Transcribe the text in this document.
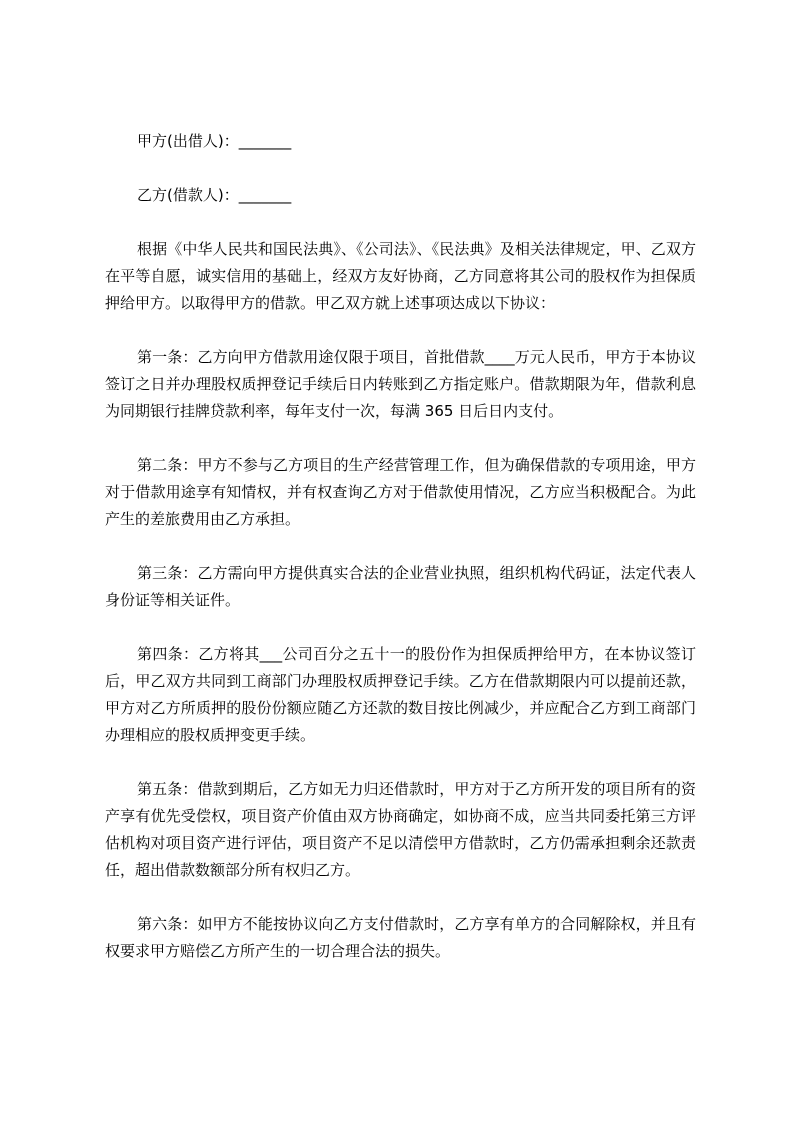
甲方(出借人)：_______

乙方(借款人)：_______

根据《中华人民共和国民法典》、《公司法》、《民法典》及相关法律规定，甲、乙双方在平等自愿，诚实信用的基础上，经双方友好协商，乙方同意将其公司的股权作为担保质押给甲方。以取得甲方的借款。甲乙双方就上述事项达成以下协议：

第一条：乙方向甲方借款用途仅限于项目，首批借款____万元人民币，甲方于本协议签订之日并办理股权质押登记手续后日内转账到乙方指定账户。借款期限为年，借款利息为同期银行挂牌贷款利率，每年支付一次，每满 365 日后日内支付。

第二条：甲方不参与乙方项目的生产经营管理工作，但为确保借款的专项用途，甲方对于借款用途享有知情权，并有权查询乙方对于借款使用情况，乙方应当积极配合。为此产生的差旅费用由乙方承担。

第三条：乙方需向甲方提供真实合法的企业营业执照，组织机构代码证，法定代表人身份证等相关证件。

第四条：乙方将其___公司百分之五十一的股份作为担保质押给甲方，在本协议签订后，甲乙双方共同到工商部门办理股权质押登记手续。乙方在借款期限内可以提前还款，甲方对乙方所质押的股份份额应随乙方还款的数目按比例减少，并应配合乙方到工商部门办理相应的股权质押变更手续。

第五条：借款到期后，乙方如无力归还借款时，甲方对于乙方所开发的项目所有的资产享有优先受偿权，项目资产价值由双方协商确定，如协商不成，应当共同委托第三方评估机构对项目资产进行评估，项目资产不足以清偿甲方借款时，乙方仍需承担剩余还款责任，超出借款数额部分所有权归乙方。

第六条：如甲方不能按协议向乙方支付借款时，乙方享有单方的合同解除权，并且有权要求甲方赔偿乙方所产生的一切合理合法的损失。
